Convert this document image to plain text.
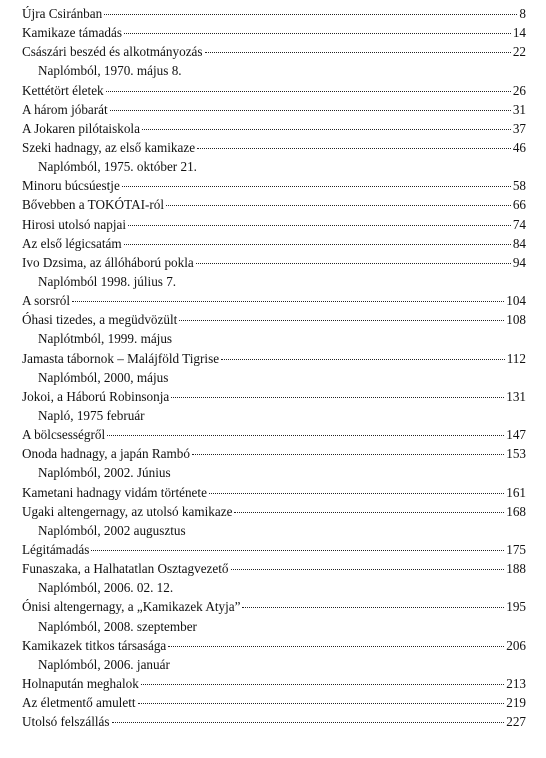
Újra Csiránban	8
Kamikaze támadás	14
Császári beszéd és alkotmányozás	22
Naplómból, 1970. május 8.
Kettétört életek	26
A három jóbarát	31
A Jokaren pilótaiskola	37
Szeki hadnagy, az első kamikaze	46
Naplómból, 1975. október 21.
Minoru búcsúestje	58
Bővebben a TOKÓTAI-ról	66
Hirosi utolsó napjai	74
Az első légicsatám	84
Ivo Dzsima, az állóháború pokla	94
Naplómból 1998. július 7.
A sorsról	104
Óhasi tizedes, a megüdvözült	108
Naplótmból, 1999. május
Jamasta tábornok – Malájföld Tigrise	112
Naplómból, 2000, május
Jokoi, a Háború Robinsonja	131
Napló, 1975 február
A bölcsességről	147
Onoda hadnagy, a japán Rambó	153
Naplómból, 2002. Június
Kametani hadnagy vidám története	161
Ugaki altengernagy, az utolsó kamikaze	168
Naplómból, 2002 augusztus
Légitámadás	175
Funaszaka, a Halhatatlan Osztagvezető	188
Naplómból, 2006. 02. 12.
Ónisi altengernagy, a „Kamikazek Atyja”	195
Naplómból, 2008. szeptember
Kamikazek titkos társasága	206
Naplómból, 2006. január
Holnapután meghalok	213
Az életmentő amulett	219
Utolsó felszállás	227
